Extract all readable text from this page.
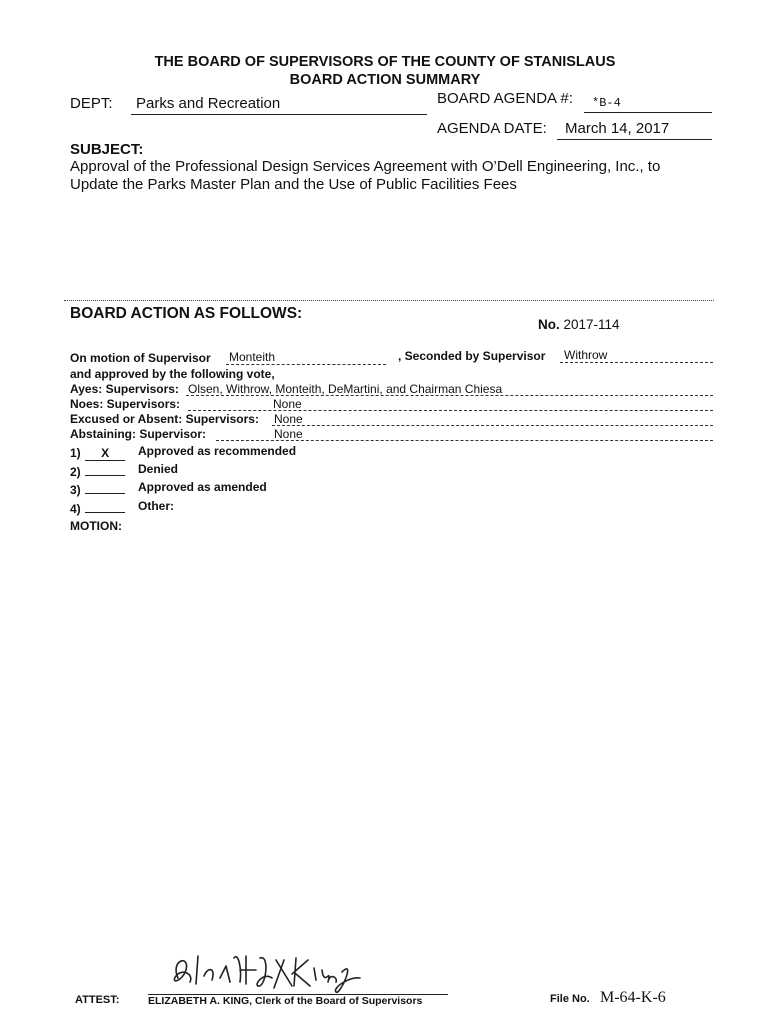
THE BOARD OF SUPERVISORS OF THE COUNTY OF STANISLAUS
BOARD ACTION SUMMARY
DEPT: Parks and Recreation	BOARD AGENDA #: *B-4
AGENDA DATE: March 14, 2017
SUBJECT:
Approval of the Professional Design Services Agreement with O’Dell Engineering, Inc., to
Update the Parks Master Plan and the Use of Public Facilities Fees
BOARD ACTION AS FOLLOWS:
No. 2017-114
On motion of Supervisor Monteith	, Seconded by Supervisor Withrow
and approved by the following vote,
Ayes: Supervisors: Olsen, Withrow, Monteith, DeMartini, and Chairman Chiesa
Noes: Supervisors:	None
Excused or Absent: Supervisors: None
Abstaining: Supervisor:	None
1) X Approved as recommended
2)	Denied
3)	Approved as amended
4)	Other:
MOTION:
ATTEST:	ELIZABETH A. KING, Clerk of the Board of Supervisors	File No. M-64-K-6
